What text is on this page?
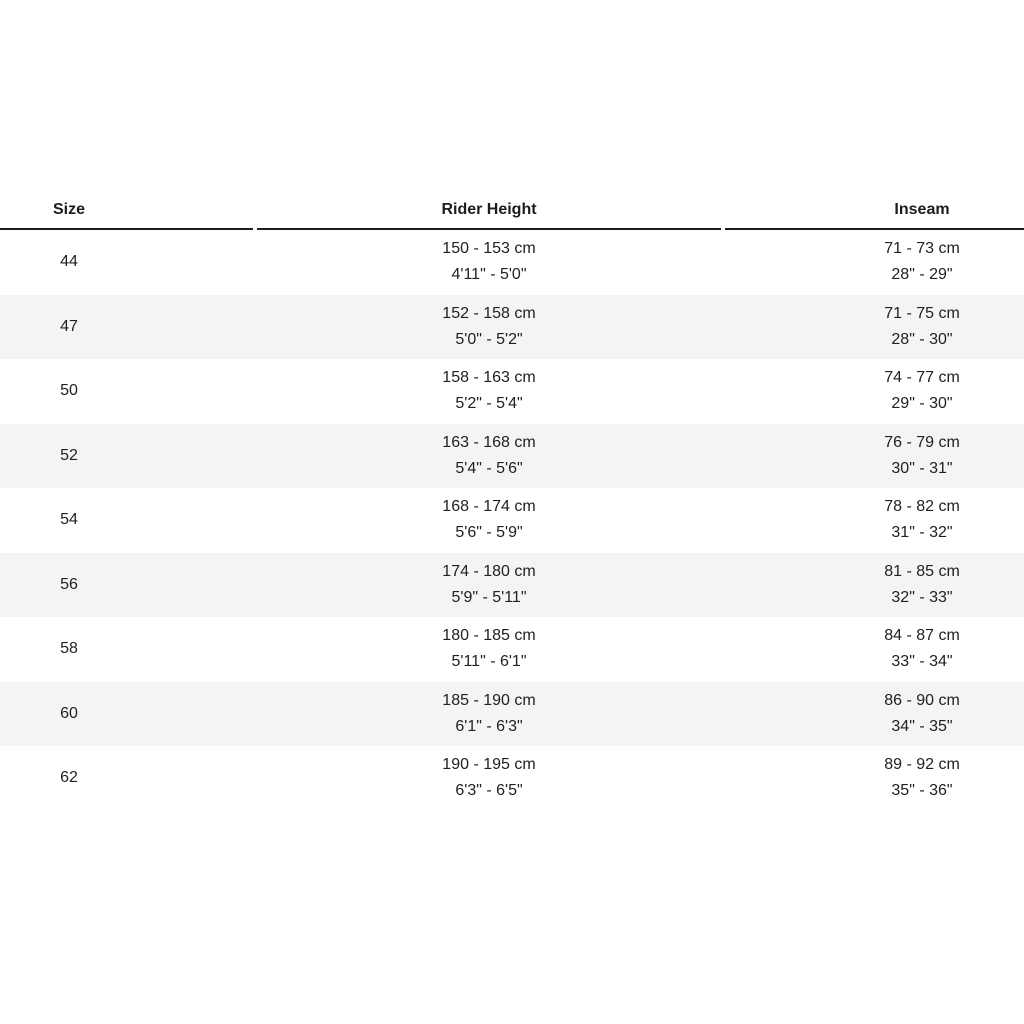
Size	Rider Height	Inseam
44
150 - 153 cm
4'11" - 5'0"
71 - 73 cm
28" - 29"
47
152 - 158 cm
5'0" - 5'2"
71 - 75 cm
28" - 30"
50
158 - 163 cm
5'2" - 5'4"
74 - 77 cm
29" - 30"
52
163 - 168 cm
5'4" - 5'6"
76 - 79 cm
30" - 31"
54
168 - 174 cm
5'6" - 5'9"
78 - 82 cm
31" - 32"
56
174 - 180 cm
5'9" - 5'11"
81 - 85 cm
32" - 33"
58
180 - 185 cm
5'11" - 6'1"
84 - 87 cm
33" - 34"
60
185 - 190 cm
6'1" - 6'3"
86 - 90 cm
34" - 35"
62
190 - 195 cm
6'3" - 6'5"
89 - 92 cm
35" - 36"
